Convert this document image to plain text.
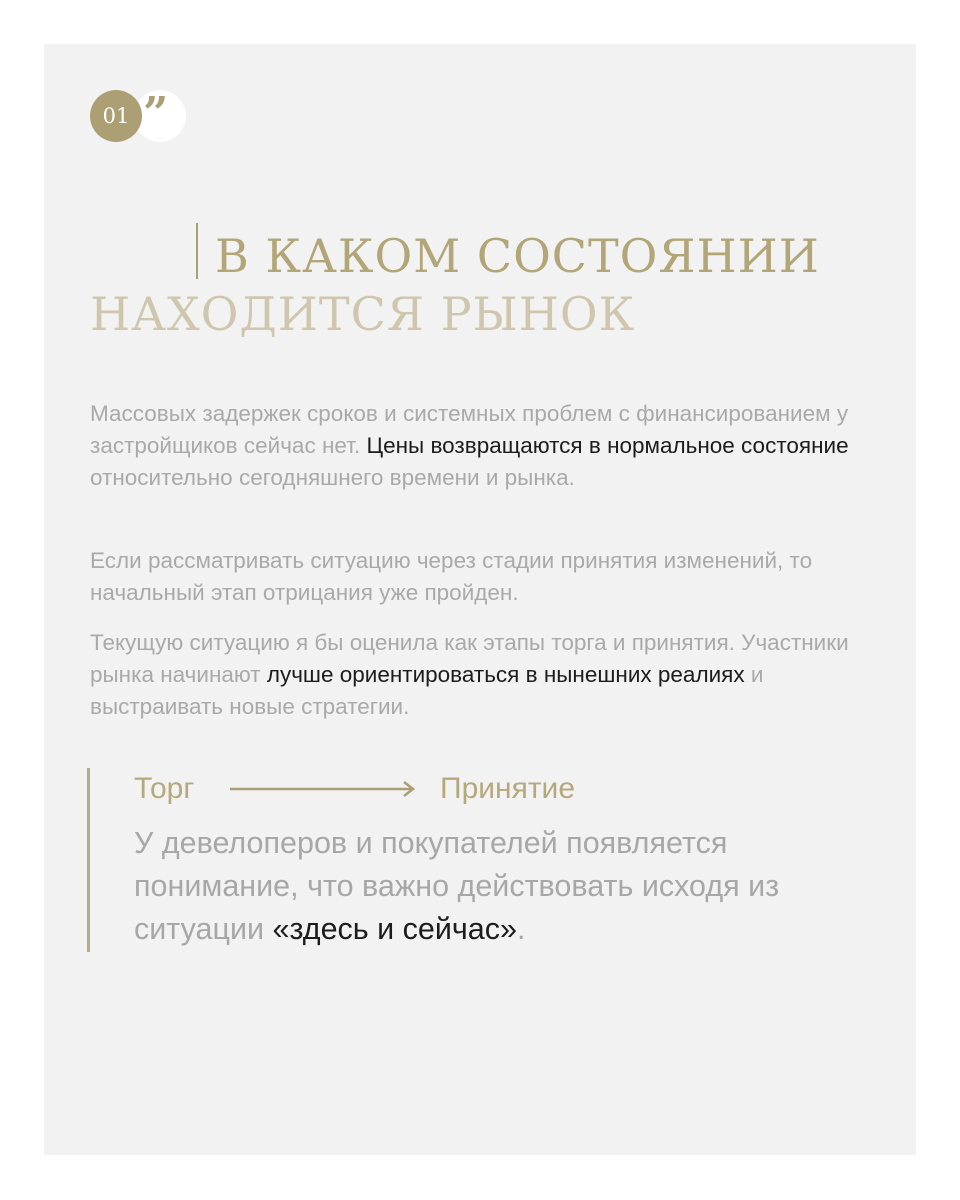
”
01
В КАКОМ СОСТОЯНИИ
НАХОДИТСЯ РЫНОК

Массовых задержек сроков и системных проблем с финансированием у застройщиков сейчас нет. Цены возвращаются в нормальное состояние относительно сегодняшнего времени и рынка.

Если рассматривать ситуацию через стадии принятия изменений, то начальный этап отрицания уже пройден.

Текущую ситуацию я бы оценила как этапы торга и принятия. Участники рынка начинают лучше ориентироваться в нынешних реалиях и выстраивать новые стратегии.

Торг	Принятие

У девелоперов и покупателей появляется понимание, что важно действовать исходя из ситуации «здесь и сейчас».
